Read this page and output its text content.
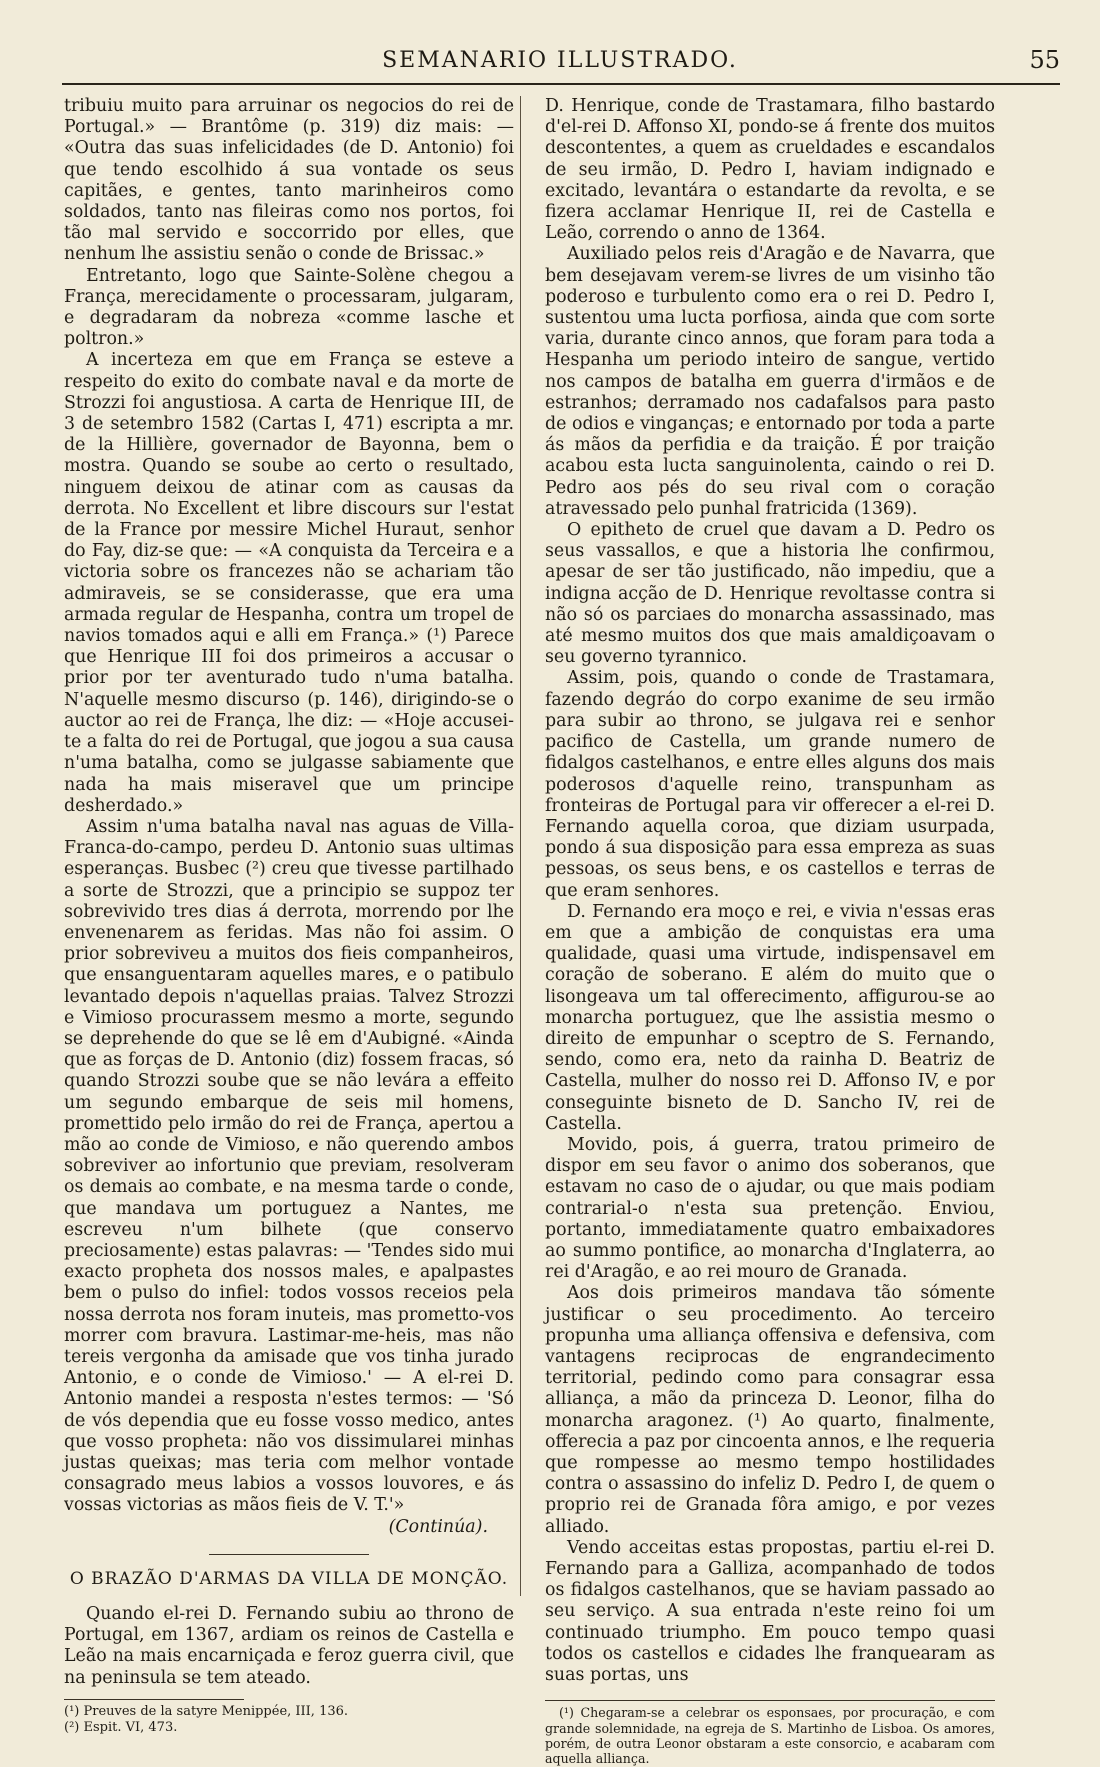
SEMANARIO ILLUSTRADO.	55

tribuiu muito para arruinar os negocios do rei de Portugal.» — Brantôme (p. 319) diz mais: — «Outra das suas infelicidades (de D. Antonio) foi que tendo escolhido á sua vontade os seus capitães, e gentes, tanto marinheiros como soldados, tanto nas fileiras como nos portos, foi tão mal servido e soccorrido por elles, que nenhum lhe assistiu senão o conde de Brissac.»

Entretanto, logo que Sainte-Solène chegou a França, merecidamente o processaram, julgaram, e degradaram da nobreza «comme lasche et poltron.»

A incerteza em que em França se esteve a respeito do exito do combate naval e da morte de Strozzi foi angustiosa. A carta de Henrique III, de 3 de setembro 1582 (Cartas I, 471) escripta a mr. de la Hillière, governador de Bayonna, bem o mostra. Quando se soube ao certo o resultado, ninguem deixou de atinar com as causas da derrota. No Excellent et libre discours sur l'estat de la France por messire Michel Huraut, senhor do Fay, diz-se que: — «A conquista da Terceira e a victoria sobre os francezes não se achariam tão admiraveis, se se considerasse, que era uma armada regular de Hespanha, contra um tropel de navios tomados aqui e alli em França.» (¹) Parece que Henrique III foi dos primeiros a accusar o prior por ter aventurado tudo n'uma batalha. N'aquelle mesmo discurso (p. 146), dirigindo-se o auctor ao rei de França, lhe diz: — «Hoje accusei-te a falta do rei de Portugal, que jogou a sua causa n'uma batalha, como se julgasse sabiamente que nada ha mais miseravel que um principe desherdado.»

Assim n'uma batalha naval nas aguas de Villa-Franca-do-campo, perdeu D. Antonio suas ultimas esperanças. Busbec (²) creu que tivesse partilhado a sorte de Strozzi, que a principio se suppoz ter sobrevivido tres dias á derrota, morrendo por lhe envenenarem as feridas. Mas não foi assim. O prior sobreviveu a muitos dos fieis companheiros, que ensanguentaram aquelles mares, e o patibulo levantado depois n'aquellas praias. Talvez Strozzi e Vimioso procurassem mesmo a morte, segundo se deprehende do que se lê em d'Aubigné. «Ainda que as forças de D. Antonio (diz) fossem fracas, só quando Strozzi soube que se não levára a effeito um segundo embarque de seis mil homens, promettido pelo irmão do rei de França, apertou a mão ao conde de Vimioso, e não querendo ambos sobreviver ao infortunio que previam, resolveram os demais ao combate, e na mesma tarde o conde, que mandava um portuguez a Nantes, me escreveu n'um bilhete (que conservo preciosamente) estas palavras: — 'Tendes sido mui exacto propheta dos nossos males, e apalpastes bem o pulso do infiel: todos vossos receios pela nossa derrota nos foram inuteis, mas prometto-vos morrer com bravura. Lastimar-me-heis, mas não tereis vergonha da amisade que vos tinha jurado Antonio, e o conde de Vimioso.' — A el-rei D. Antonio mandei a resposta n'estes termos: — 'Só de vós dependia que eu fosse vosso medico, antes que vosso propheta: não vos dissimularei minhas justas queixas; mas teria com melhor vontade consagrado meus labios a vossos louvores, e ás vossas victorias as mãos fieis de V. T.'»

(Continúa).
O BRAZÃO D'ARMAS DA VILLA DE MONÇÃO.

Quando el-rei D. Fernando subiu ao throno de Portugal, em 1367, ardiam os reinos de Castella e Leão na mais encarniçada e feroz guerra civil, que na peninsula se tem ateado.

(¹) Preuves de la satyre Menippée, III, 136.

(²) Espit. VI, 473.

D. Henrique, conde de Trastamara, filho bastardo d'el-rei D. Affonso XI, pondo-se á frente dos muitos descontentes, a quem as crueldades e escandalos de seu irmão, D. Pedro I, haviam indignado e excitado, levantára o estandarte da revolta, e se fizera acclamar Henrique II, rei de Castella e Leão, correndo o anno de 1364.

Auxiliado pelos reis d'Aragão e de Navarra, que bem desejavam verem-se livres de um visinho tão poderoso e turbulento como era o rei D. Pedro I, sustentou uma lucta porfiosa, ainda que com sorte varia, durante cinco annos, que foram para toda a Hespanha um periodo inteiro de sangue, vertido nos campos de batalha em guerra d'irmãos e de estranhos; derramado nos cadafalsos para pasto de odios e vinganças; e entornado por toda a parte ás mãos da perfidia e da traição. É por traição acabou esta lucta sanguinolenta, caindo o rei D. Pedro aos pés do seu rival com o coração atravessado pelo punhal fratricida (1369).

O epitheto de cruel que davam a D. Pedro os seus vassallos, e que a historia lhe confirmou, apesar de ser tão justificado, não impediu, que a indigna acção de D. Henrique revoltasse contra si não só os parciaes do monarcha assassinado, mas até mesmo muitos dos que mais amaldiçoavam o seu governo tyrannico.

Assim, pois, quando o conde de Trastamara, fazendo degráo do corpo exanime de seu irmão para subir ao throno, se julgava rei e senhor pacifico de Castella, um grande numero de fidalgos castelhanos, e entre elles alguns dos mais poderosos d'aquelle reino, transpunham as fronteiras de Portugal para vir offerecer a el-rei D. Fernando aquella coroa, que diziam usurpada, pondo á sua disposição para essa empreza as suas pessoas, os seus bens, e os castellos e terras de que eram senhores.

D. Fernando era moço e rei, e vivia n'essas eras em que a ambição de conquistas era uma qualidade, quasi uma virtude, indispensavel em coração de soberano. E além do muito que o lisongeava um tal offerecimento, affigurou-se ao monarcha portuguez, que lhe assistia mesmo o direito de empunhar o sceptro de S. Fernando, sendo, como era, neto da rainha D. Beatriz de Castella, mulher do nosso rei D. Affonso IV, e por conseguinte bisneto de D. Sancho IV, rei de Castella.

Movido, pois, á guerra, tratou primeiro de dispor em seu favor o animo dos soberanos, que estavam no caso de o ajudar, ou que mais podiam contrarial-o n'esta sua pretenção. Enviou, portanto, immediatamente quatro embaixadores ao summo pontifice, ao monarcha d'Inglaterra, ao rei d'Aragão, e ao rei mouro de Granada.

Aos dois primeiros mandava tão sómente justificar o seu procedimento. Ao terceiro propunha uma alliança offensiva e defensiva, com vantagens reciprocas de engrandecimento territorial, pedindo como para consagrar essa alliança, a mão da princeza D. Leonor, filha do monarcha aragonez. (¹) Ao quarto, finalmente, offerecia a paz por cincoenta annos, e lhe requeria que rompesse ao mesmo tempo hostilidades contra o assassino do infeliz D. Pedro I, de quem o proprio rei de Granada fôra amigo, e por vezes alliado.

Vendo acceitas estas propostas, partiu el-rei D. Fernando para a Galliza, acompanhado de todos os fidalgos castelhanos, que se haviam passado ao seu serviço. A sua entrada n'este reino foi um continuado triumpho. Em pouco tempo quasi todos os castellos e cidades lhe franquearam as suas portas, uns

(¹) Chegaram-se a celebrar os esponsaes, por procuração, e com grande solemnidade, na egreja de S. Martinho de Lisboa. Os amores, porém, de outra Leonor obstaram a este consorcio, e acabaram com aquella alliança.
